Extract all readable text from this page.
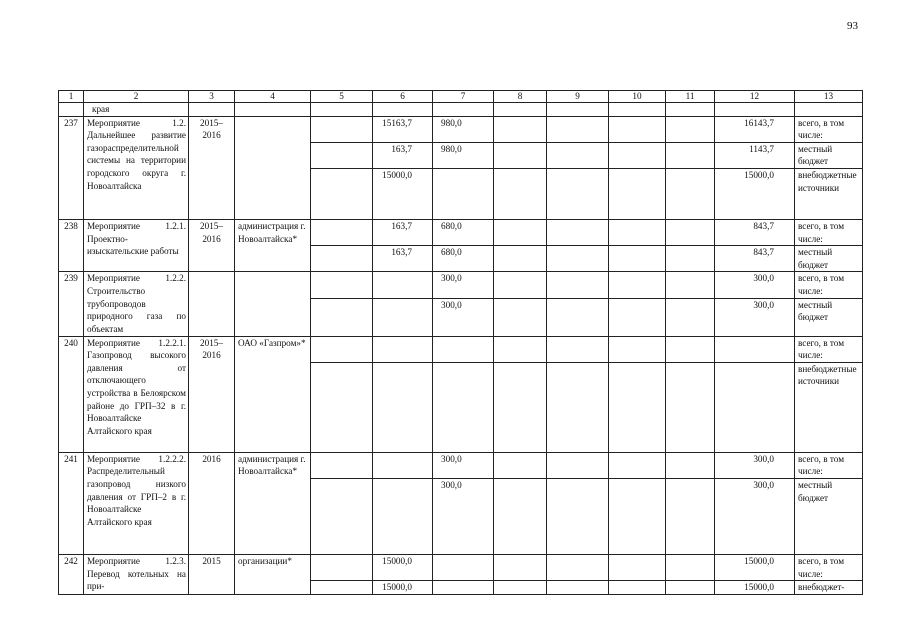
93
1	2	3	4	5	6	7	8	9	10	11	12	13
	края											
237	Мероприятие 1.2. Дальнейшее развитие газораспределительной системы на территории городского округа г. Новоалтайска	2015–2016			15163,7	980,0					16143,7	всего, в том числе:
					163,7	980,0					1143,7	местный бюджет
					15000,0						15000,0	внебюджетные источники
238	Мероприятие 1.2.1. Проектно-изыскательские работы	2015–2016	администрация г. Новоалтайска*		163,7	680,0					843,7	всего, в том числе:
					163,7	680,0					843,7	местный бюджет
239	Мероприятие 1.2.2. Строительство трубопроводов природного газа по объектам					300,0					300,0	всего, в том числе:
						300,0					300,0	местный бюджет
240	Мероприятие 1.2.2.1. Газопровод высокого давления от отключающего устройства в Белоярском районе до ГРП–32 в г. Новоалтайске Алтайского края	2015–2016	ОАО «Газпром»*									всего, в том числе:
												внебюджетные источники
241	Мероприятие 1.2.2.2. Распределительный газопровод низкого давления от ГРП–2 в г. Новоалтайске Алтайского края	2016	администрация г. Новоалтайска*			300,0					300,0	всего, в том числе:
						300,0					300,0	местный бюджет
242	Мероприятие 1.2.3. Перевод котельных на при-	2015	организации*		15000,0						15000,0	всего, в том числе:
					15000,0						15000,0	внебюджет-
